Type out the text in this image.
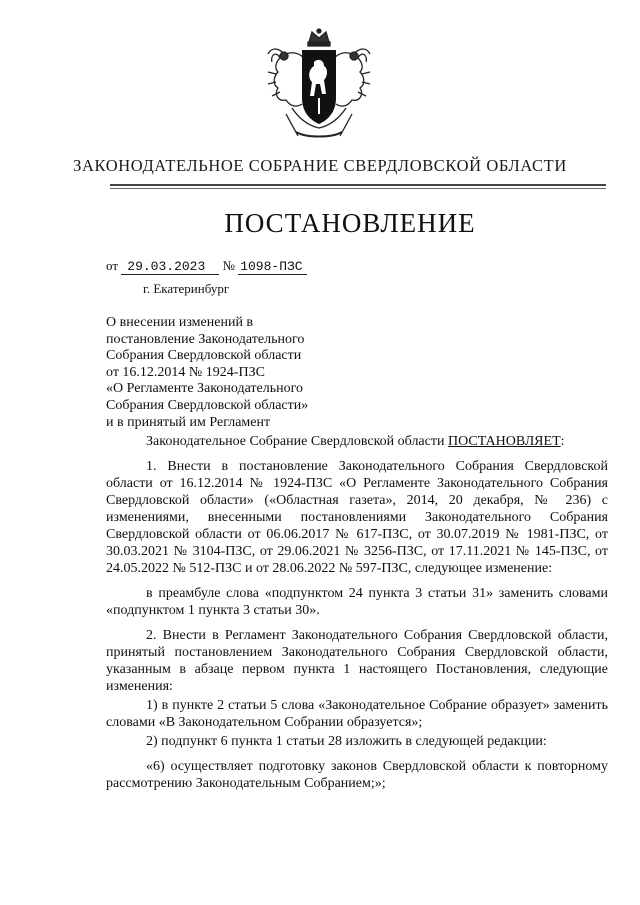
ЗАКОНОДАТЕЛЬНОЕ СОБРАНИЕ СВЕРДЛОВСКОЙ ОБЛАСТИ
ПОСТАНОВЛЕНИЕ
от 29.03.2023 № 1098-ПЗС
г. Екатеринбург
О внесении изменений в
постановление Законодательного
Собрания Свердловской области
от 16.12.2014 № 1924-ПЗС
«О Регламенте Законодательного
Собрания Свердловской области»
и в принятый им Регламент

Законодательное Собрание Свердловской области ПОСТАНОВЛЯЕТ:

1. Внести в постановление Законодательного Собрания Свердловской области от 16.12.2014 № 1924-ПЗС «О Регламенте Законодательного Собрания Свердловской области» («Областная газета», 2014, 20 декабря, № 236) с изменениями, внесенными постановлениями Законодательного Собрания Свердловской области от 06.06.2017 № 617-ПЗС, от 30.07.2019 № 1981-ПЗС, от 30.03.2021 № 3104-ПЗС, от 29.06.2021 № 3256-ПЗС, от 17.11.2021 № 145-ПЗС, от 24.05.2022 № 512-ПЗС и от 28.06.2022 № 597-ПЗС, следующее изменение:

в преамбуле слова «подпунктом 24 пункта 3 статьи 31» заменить словами «подпунктом 1 пункта 3 статьи 30».

2. Внести в Регламент Законодательного Собрания Свердловской области, принятый постановлением Законодательного Собрания Свердловской области, указанным в абзаце первом пункта 1 настоящего Постановления, следующие изменения:

1) в пункте 2 статьи 5 слова «Законодательное Собрание образует» заменить словами «В Законодательном Собрании образуется»;

2) подпункт 6 пункта 1 статьи 28 изложить в следующей редакции:

«6) осуществляет подготовку законов Свердловской области к повторному рассмотрению Законодательным Собранием;»;
